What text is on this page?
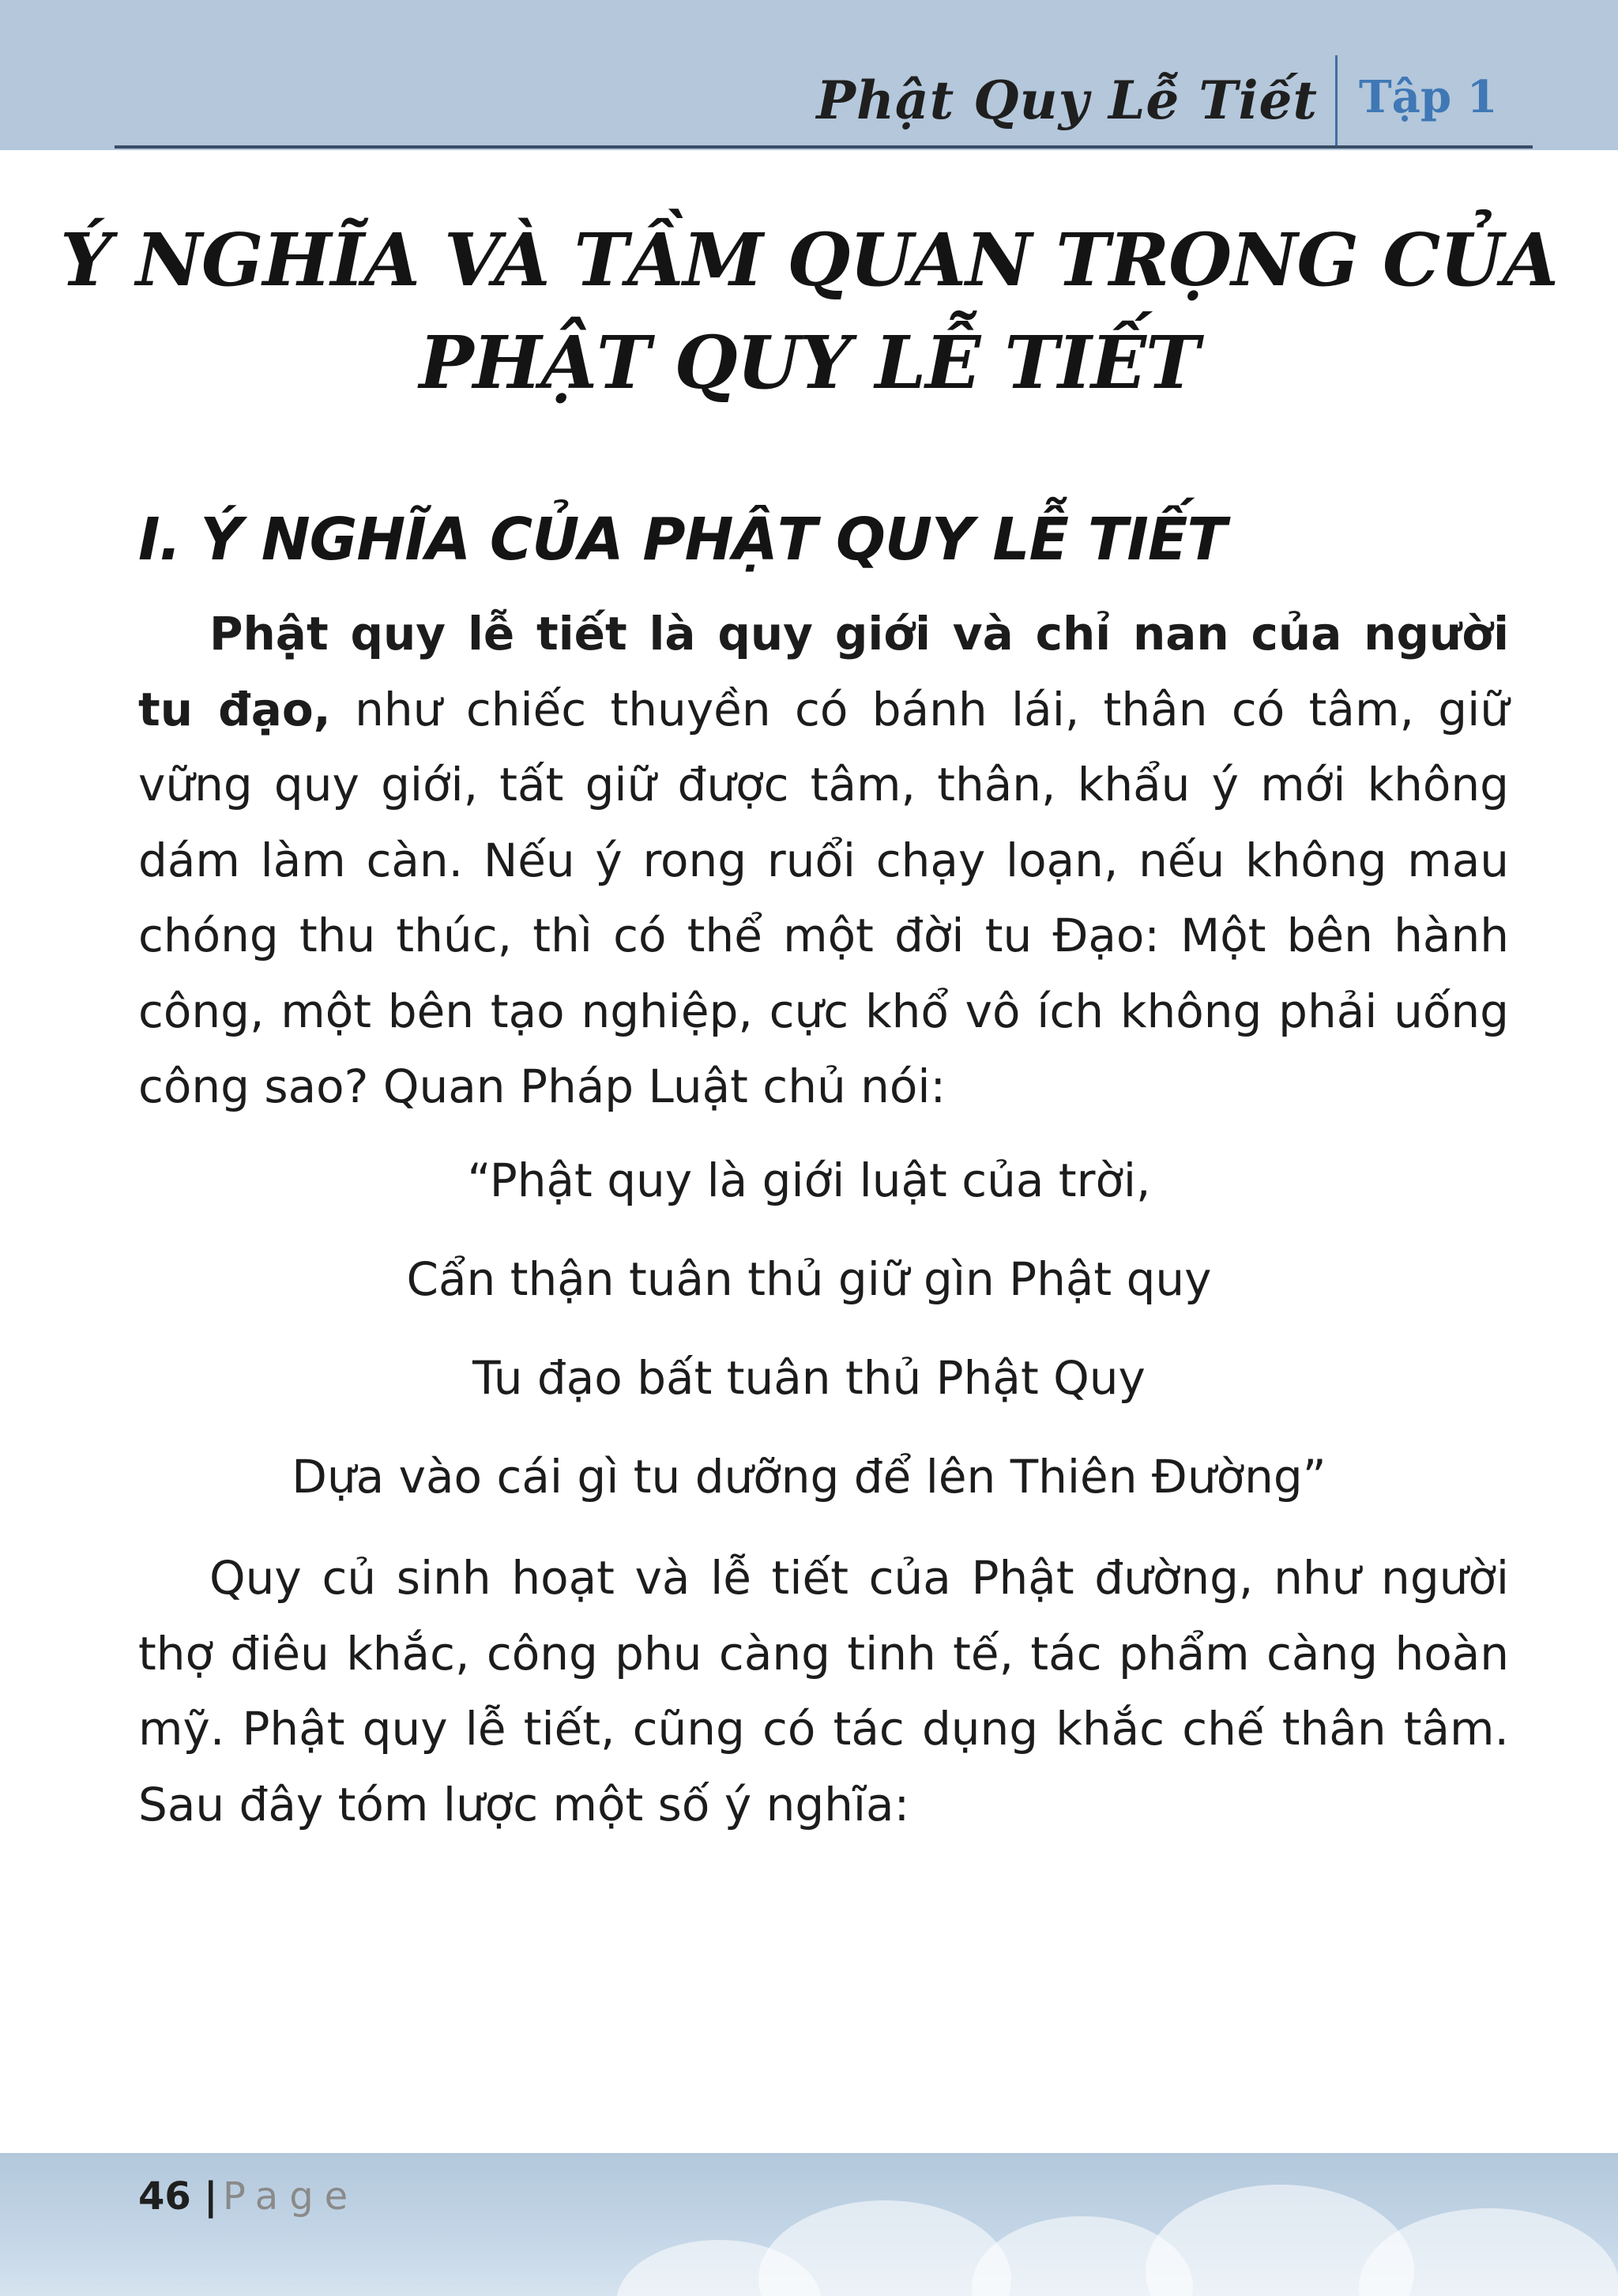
Phật Quy Lễ Tiết Tập 1
Ý NGHĨA VÀ TẦM QUAN TRỌNG CỦA
PHẬT QUY LỄ TIẾT
I. Ý NGHĨA CỦA PHẬT QUY LỄ TIẾT

Phật quy lễ tiết là quy giới và chỉ nan của người tu đạo, như chiếc thuyền có bánh lái, thân có tâm, giữ vững quy giới, tất giữ được tâm, thân, khẩu ý mới không dám làm càn. Nếu ý rong ruổi chạy loạn, nếu không mau chóng thu thúc, thì có thể một đời tu Đạo: Một bên hành công, một bên tạo nghiệp, cực khổ vô ích không phải uống công sao? Quan Pháp Luật chủ nói:

“Phật quy là giới luật của trời,
Cẩn thận tuân thủ giữ gìn Phật quy
Tu đạo bất tuân thủ Phật Quy
Dựa vào cái gì tu dưỡng để lên Thiên Đường”

Quy củ sinh hoạt và lễ tiết của Phật đường, như người thợ điêu khắc, công phu càng tinh tế, tác phẩm càng hoàn mỹ. Phật quy lễ tiết, cũng có tác dụng khắc chế thân tâm. Sau đây tóm lược một số ý nghĩa:

46 | Page
